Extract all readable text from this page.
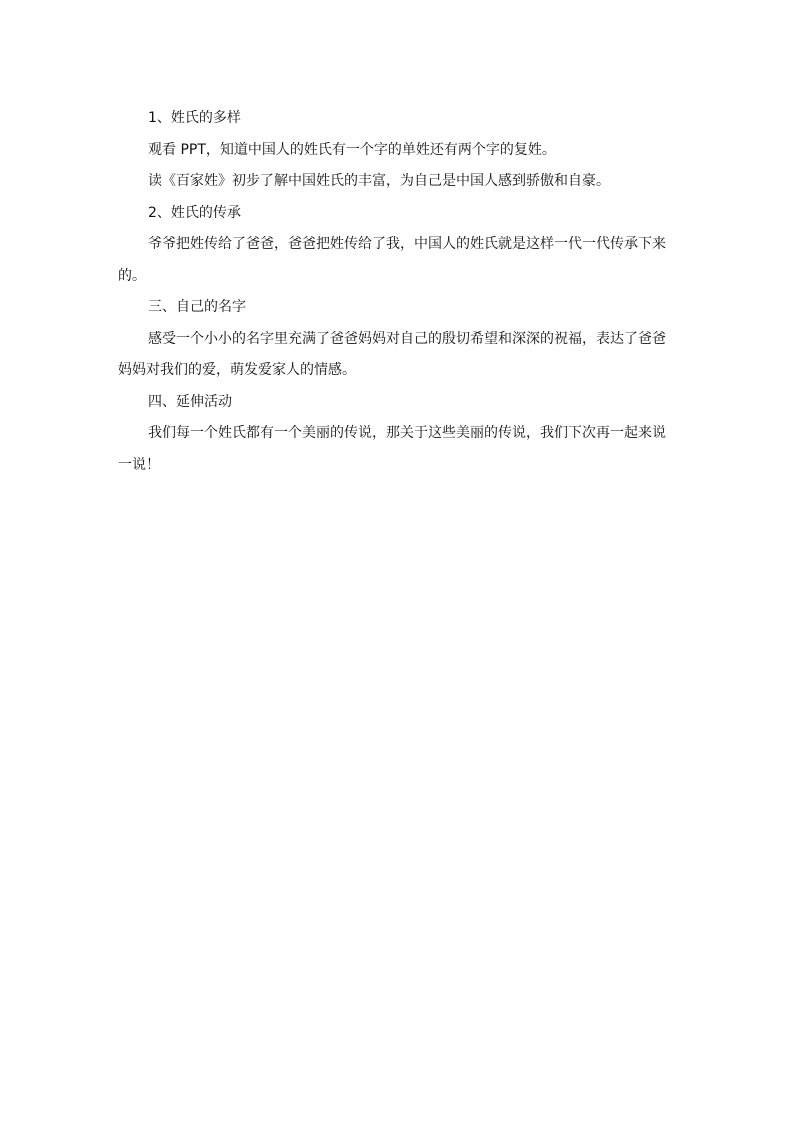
1、姓氏的多样

观看 PPT，知道中国人的姓氏有一个字的单姓还有两个字的复姓。

读《百家姓》初步了解中国姓氏的丰富，为自己是中国人感到骄傲和自豪。

2、姓氏的传承

爷爷把姓传给了爸爸，爸爸把姓传给了我，中国人的姓氏就是这样一代一代传承下来的。

三、自己的名字

感受一个小小的名字里充满了爸爸妈妈对自己的殷切希望和深深的祝福，表达了爸爸妈妈对我们的爱，萌发爱家人的情感。

四、延伸活动

我们每一个姓氏都有一个美丽的传说，那关于这些美丽的传说，我们下次再一起来说一说！
